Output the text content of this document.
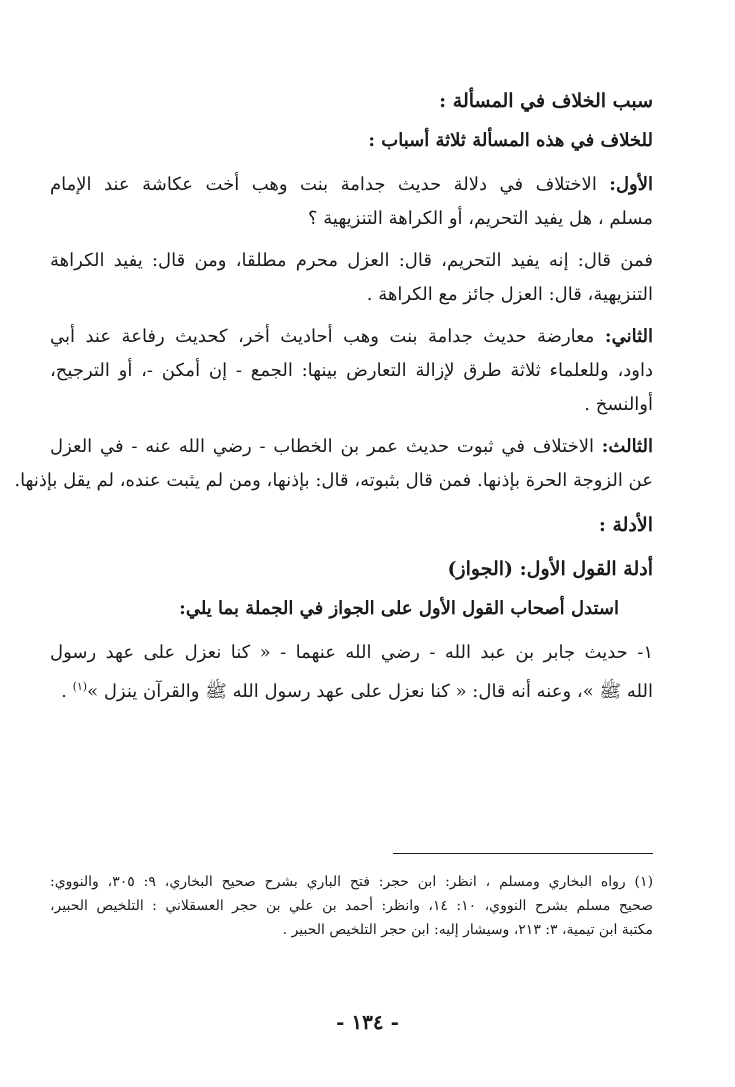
سبب الخلاف في المسألة :
للخلاف في هذه المسألة ثلاثة أسباب :
الأول: الاختلاف في دلالة حديث جدامة بنت وهب أخت عكاشة عند الإمام
مسلم ، هل يفيد التحريم، أو الكراهة التنزيهية ؟
فمن قال: إنه يفيد التحريم، قال: العزل محرم مطلقا، ومن قال: يفيد الكراهة
التنزيهية، قال: العزل جائز مع الكراهة .
الثاني: معارضة حديث جدامة بنت وهب أحاديث أخر، كحديث رفاعة عند أبي
داود، وللعلماء ثلاثة طرق لإزالة التعارض بينها: الجمع - إن أمكن -، أو الترجيح،
أوالنسخ .
الثالث: الاختلاف في ثبوت حديث عمر بن الخطاب - رضي الله عنه - في العزل
عن الزوجة الحرة بإذنها. فمن قال بثبوته، قال: بإذنها، ومن لم يثبت عنده، لم يقل بإذنها.
الأدلة :
أدلة القول الأول: (الجواز)
استدل أصحاب القول الأول على الجواز في الجملة بما يلي:
١- حديث جابر بن عبد الله - رضي الله عنهما - « كنا نعزل على عهد رسول
الله ﷺ »، وعنه أنه قال: « كنا نعزل على عهد رسول الله ﷺ والقرآن ينزل »$^{(١)}$ .
(١) رواه البخاري ومسلم ، انظر: ابن حجر: فتح الباري بشرح صحيح البخاري، ٩: ٣٠٥، والنووي:
صحيح مسلم بشرح النووي، ١٠: ١٤، وانظر: أحمد بن علي بن حجر العسقلاني : التلخيص الحبير،
مكتبة ابن تيمية، ٣: ٢١٣، وسيشار إليه: ابن حجر التلخيص الحبير .
- ١٣٤ -
